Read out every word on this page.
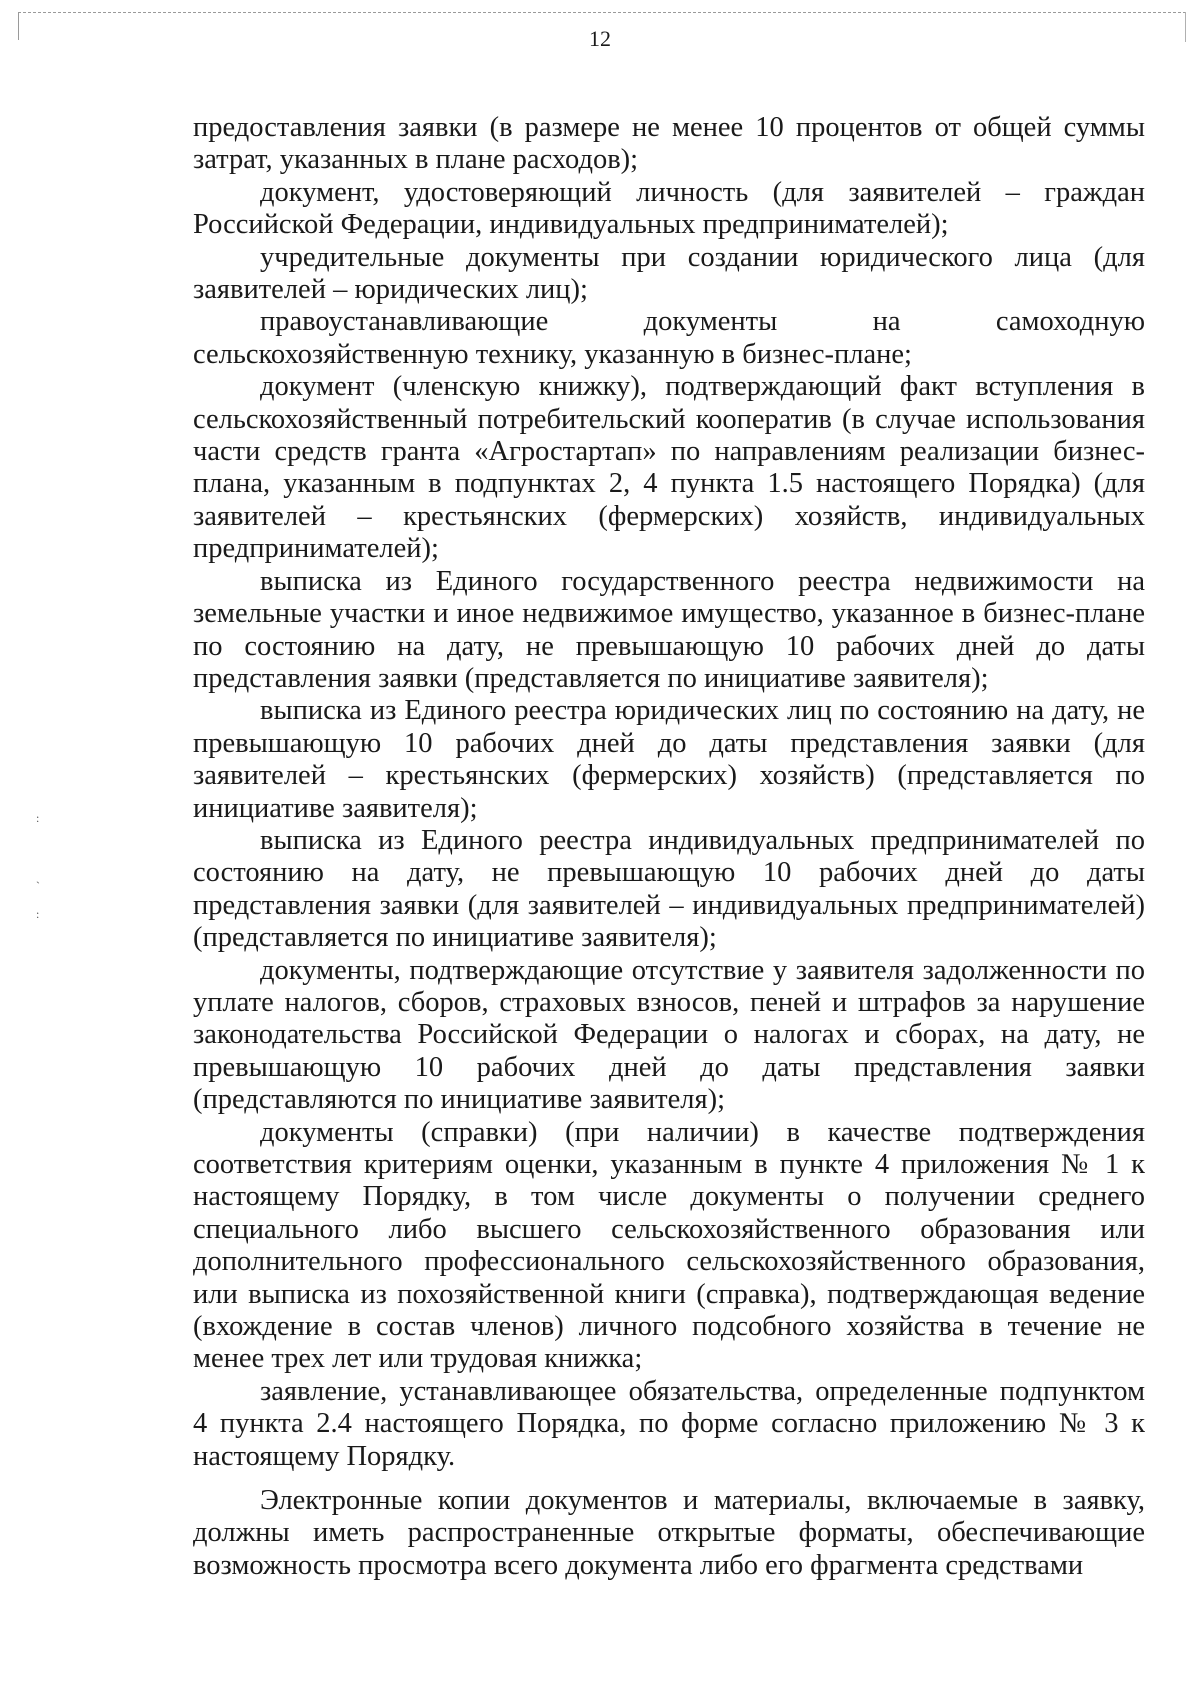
:
`
:

12

предоставления заявки (в размере не менее 10 процентов от общей суммы затрат, указанных в плане расходов);

документ, удостоверяющий личность (для заявителей – граждан Российской Федерации, индивидуальных предпринимателей);

учредительные документы при создании юридического лица (для заявителей – юридических лиц);

правоустанавливающие документы на самоходную сельскохозяйственную технику, указанную в бизнес-плане;

документ (членскую книжку), подтверждающий факт вступления в сельскохозяйственный потребительский кооператив (в случае использования части средств гранта «Агростартап» по направлениям реализации бизнес-плана, указанным в подпунктах 2, 4 пункта 1.5 настоящего Порядка) (для заявителей – крестьянских (фермерских) хозяйств, индивидуальных предпринимателей);

выписка из Единого государственного реестра недвижимости на земельные участки и иное недвижимое имущество, указанное в бизнес-плане по состоянию на дату, не превышающую 10 рабочих дней до даты представления заявки (представляется по инициативе заявителя);

выписка из Единого реестра юридических лиц по состоянию на дату, не превышающую 10 рабочих дней до даты представления заявки (для заявителей – крестьянских (фермерских) хозяйств) (представляется по инициативе заявителя);

выписка из Единого реестра индивидуальных предпринимателей по состоянию на дату, не превышающую 10 рабочих дней до даты представления заявки (для заявителей – индивидуальных предпринимателей) (представляется по инициативе заявителя);

документы, подтверждающие отсутствие у заявителя задолженности по уплате налогов, сборов, страховых взносов, пеней и штрафов за нарушение законодательства Российской Федерации о налогах и сборах, на дату, не превышающую 10 рабочих дней до даты представления заявки (представляются по инициативе заявителя);

документы (справки) (при наличии) в качестве подтверждения соответствия критериям оценки, указанным в пункте 4 приложения № 1 к настоящему Порядку, в том числе документы о получении среднего специального либо высшего сельскохозяйственного образования или дополнительного профессионального сельскохозяйственного образования, или выписка из похозяйственной книги (справка), подтверждающая ведение (вхождение в состав членов) личного подсобного хозяйства в течение не менее трех лет или трудовая книжка;

заявление, устанавливающее обязательства, определенные подпунктом 4 пункта 2.4 настоящего Порядка, по форме согласно приложению № 3 к настоящему Порядку.

Электронные копии документов и материалы, включаемые в заявку, должны иметь распространенные открытые форматы, обеспечивающие возможность просмотра всего документа либо его фрагмента средствами
